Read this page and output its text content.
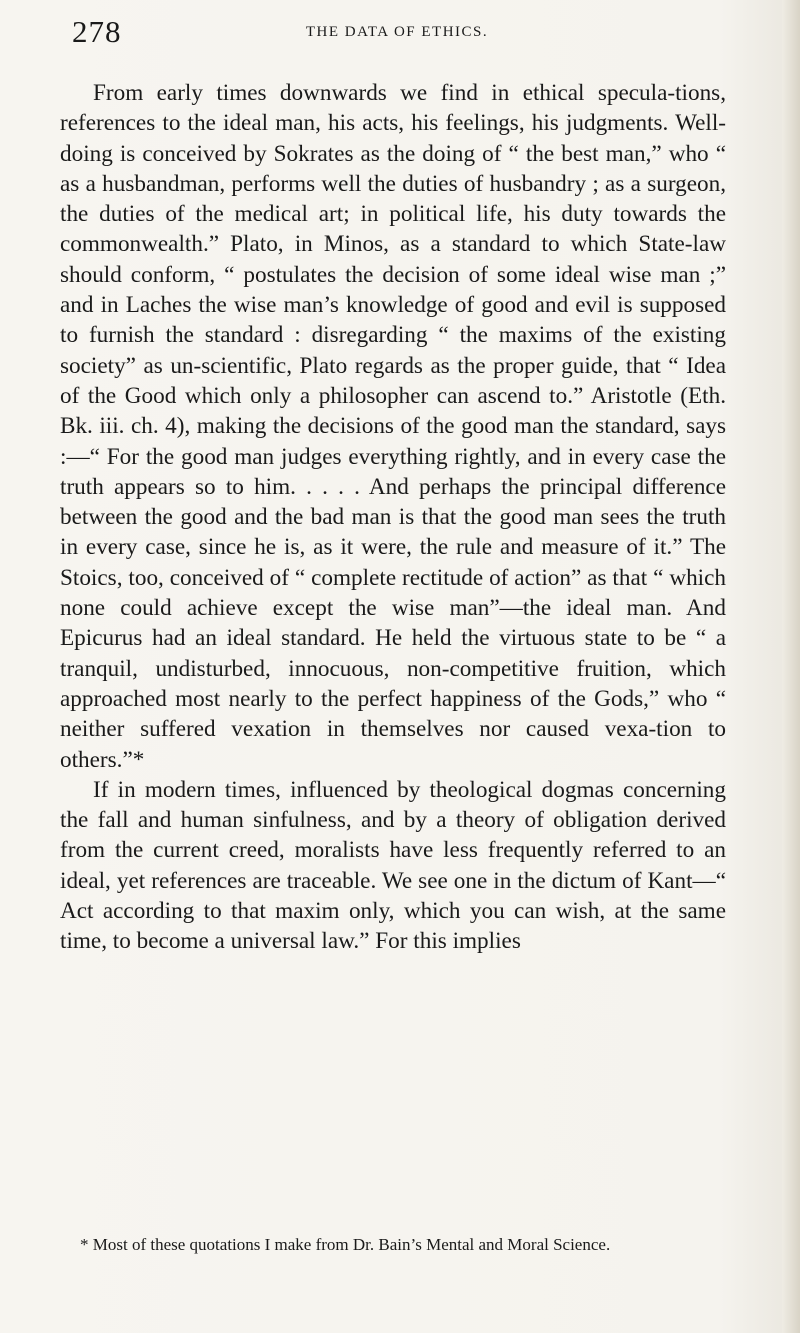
278	THE DATA OF ETHICS.

From early times downwards we find in ethical specula-tions, references to the ideal man, his acts, his feelings, his judgments. Well-doing is conceived by Sokrates as the doing of “ the best man,” who “ as a husbandman, performs well the duties of husbandry ; as a surgeon, the duties of the medical art; in political life, his duty towards the commonwealth.” Plato, in Minos, as a standard to which State-law should conform, “ postulates the decision of some ideal wise man ;” and in Laches the wise man’s knowledge of good and evil is supposed to furnish the standard : disregarding “ the maxims of the existing society” as un-scientific, Plato regards as the proper guide, that “ Idea of the Good which only a philosopher can ascend to.” Aristotle (Eth. Bk. iii. ch. 4), making the decisions of the good man the standard, says :—“ For the good man judges everything rightly, and in every case the truth appears so to him. . . . . And perhaps the principal difference between the good and the bad man is that the good man sees the truth in every case, since he is, as it were, the rule and measure of it.” The Stoics, too, conceived of “ complete rectitude of action” as that “ which none could achieve except the wise man”—the ideal man. And Epicurus had an ideal standard. He held the virtuous state to be “ a tranquil, undisturbed, innocuous, non-competitive fruition, which approached most nearly to the perfect happiness of the Gods,” who “ neither suffered vexation in themselves nor caused vexa-tion to others.”*

If in modern times, influenced by theological dogmas concerning the fall and human sinfulness, and by a theory of obligation derived from the current creed, moralists have less frequently referred to an ideal, yet references are traceable. We see one in the dictum of Kant—“ Act according to that maxim only, which you can wish, at the same time, to become a universal law.” For this implies

* Most of these quotations I make from Dr. Bain’s Mental and Moral Science.
